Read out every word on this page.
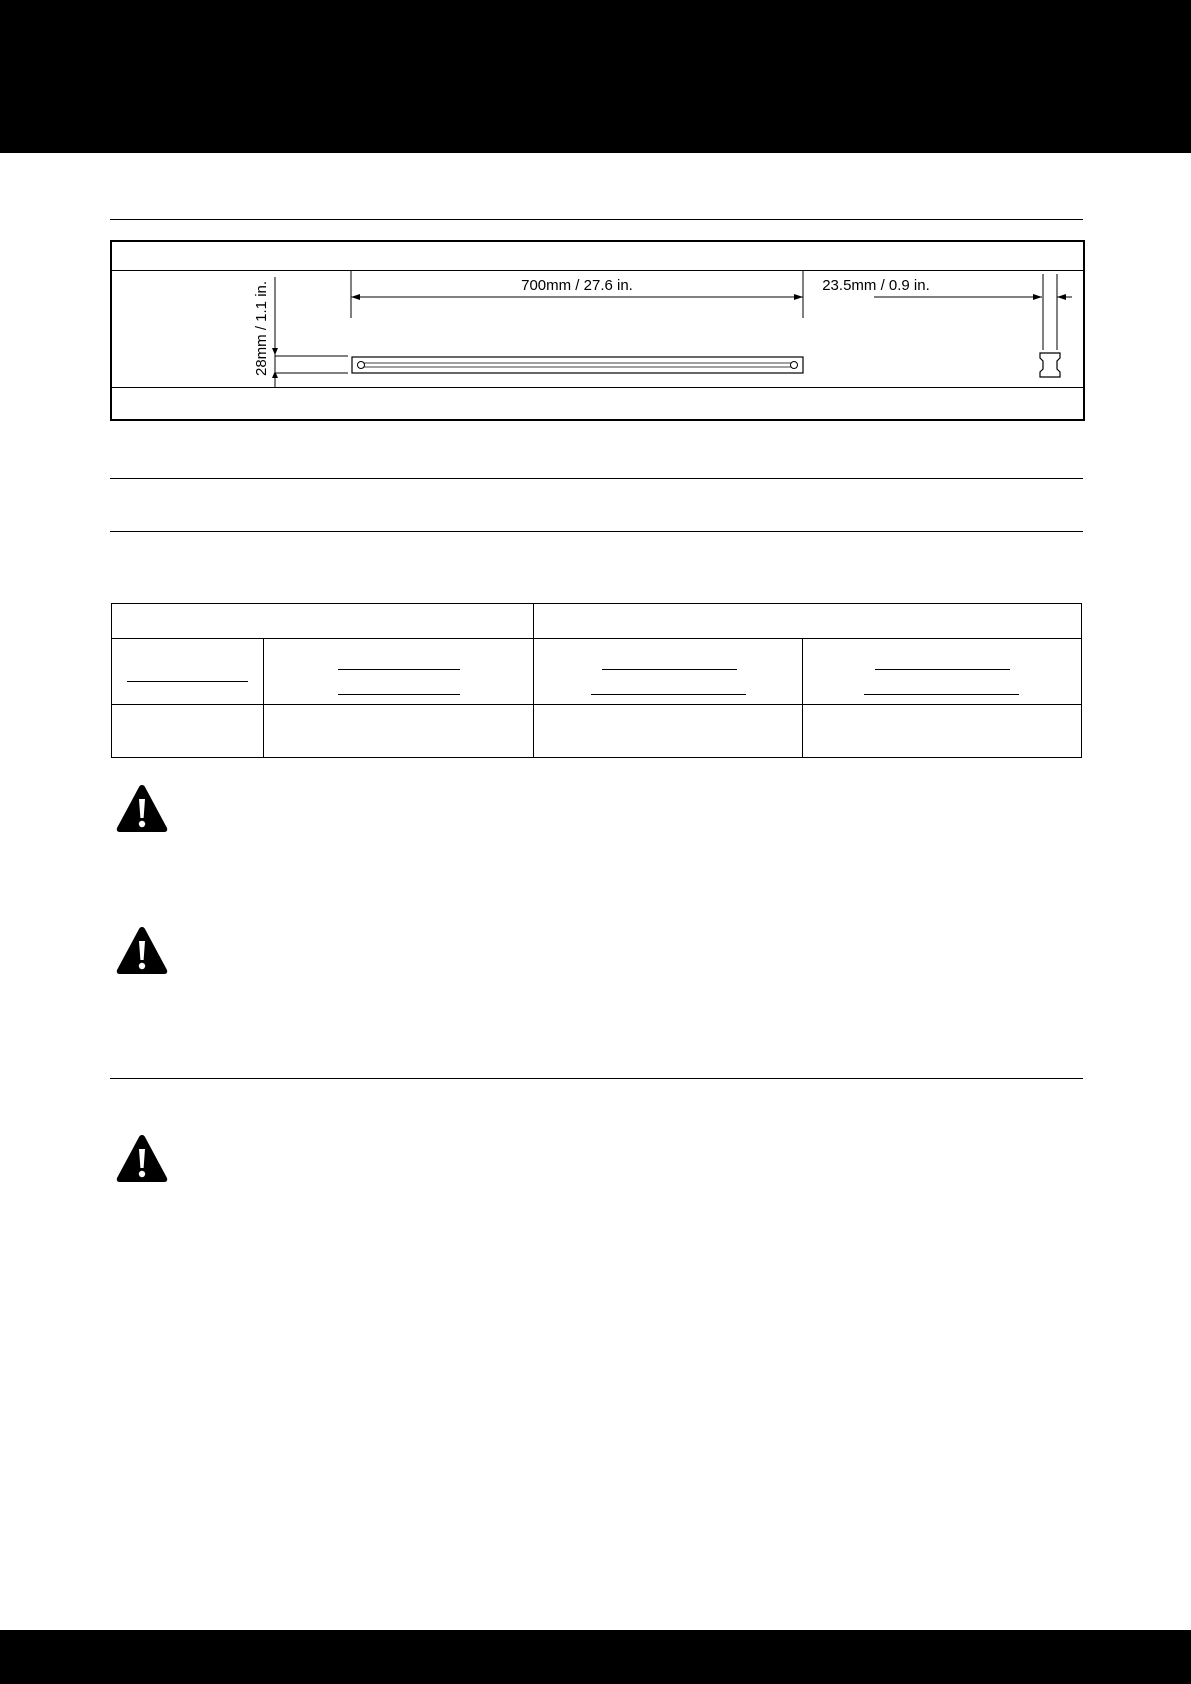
28mm / 1.1 in.	700mm / 27.6 in.	23.5mm / 0.9 in.
